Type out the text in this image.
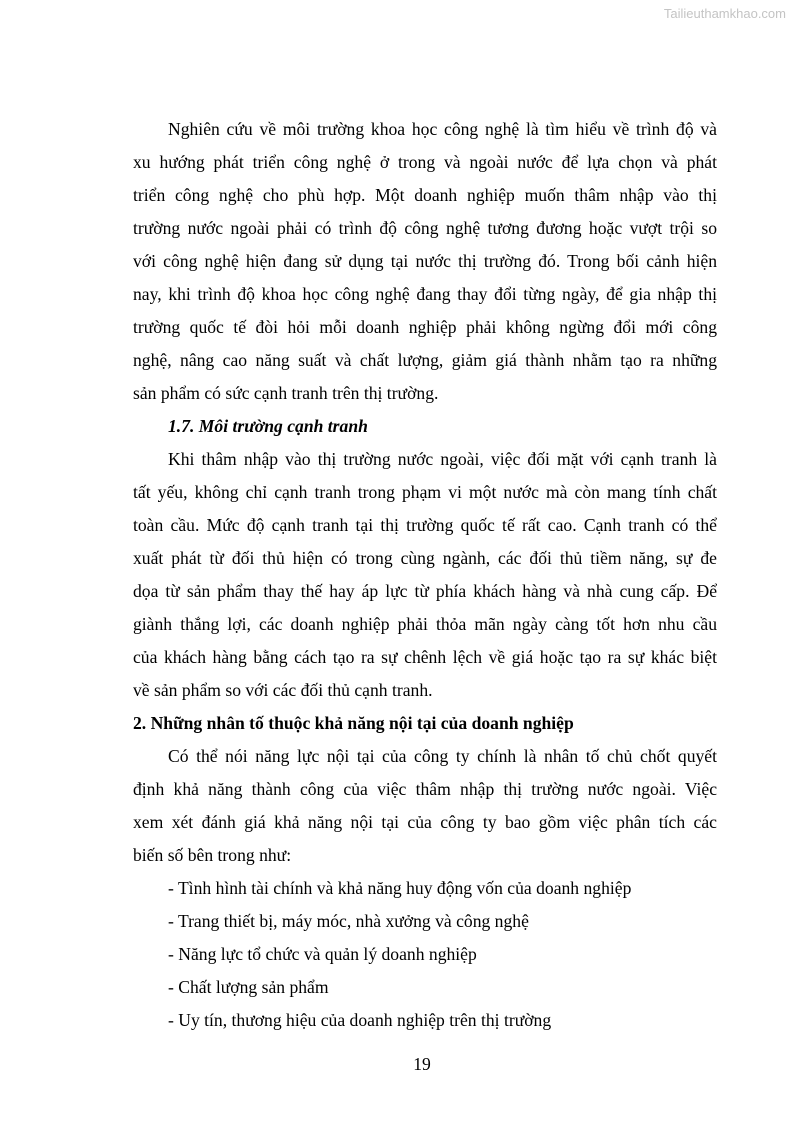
Tailieuthamkhao.com
Nghiên cứu về môi trường khoa học công nghệ là tìm hiểu về trình độ và
xu hướng phát triển công nghệ ở trong và ngoài nước để lựa chọn và phát
triển công nghệ cho phù hợp. Một doanh nghiệp muốn thâm nhập vào thị
trường nước ngoài phải có trình độ công nghệ tương đương hoặc vượt trội so
với công nghệ hiện đang sử dụng tại nước thị trường đó. Trong bối cảnh hiện
nay, khi trình độ khoa học công nghệ đang thay đổi từng ngày, để gia nhập thị
trường quốc tế đòi hỏi mỗi doanh nghiệp phải không ngừng đổi mới công
nghệ, nâng cao năng suất và chất lượng, giảm giá thành nhằm tạo ra những
sản phẩm có sức cạnh tranh trên thị trường.
1.7. Môi trường cạnh tranh
Khi thâm nhập vào thị trường nước ngoài, việc đối mặt với cạnh tranh là
tất yếu, không chỉ cạnh tranh trong phạm vi một nước mà còn mang tính chất
toàn cầu. Mức độ cạnh tranh tại thị trường quốc tế rất cao. Cạnh tranh có thể
xuất phát từ đối thủ hiện có trong cùng ngành, các đối thủ tiềm năng, sự đe
dọa từ sản phẩm thay thế hay áp lực từ phía khách hàng và nhà cung cấp. Để
giành thắng lợi, các doanh nghiệp phải thỏa mãn ngày càng tốt hơn nhu cầu
của khách hàng bằng cách tạo ra sự chênh lệch về giá hoặc tạo ra sự khác biệt
về sản phẩm so với các đối thủ cạnh tranh.
2. Những nhân tố thuộc khả năng nội tại của doanh nghiệp
Có thể nói năng lực nội tại của công ty chính là nhân tố chủ chốt quyết
định khả năng thành công của việc thâm nhập thị trường nước ngoài. Việc
xem xét đánh giá khả năng nội tại của công ty bao gồm việc phân tích các
biến số bên trong như:
- Tình hình tài chính và khả năng huy động vốn của doanh nghiệp
- Trang thiết bị, máy móc, nhà xưởng và công nghệ
- Năng lực tổ chức và quản lý doanh nghiệp
- Chất lượng sản phẩm
- Uy tín, thương hiệu của doanh nghiệp trên thị trường
19
